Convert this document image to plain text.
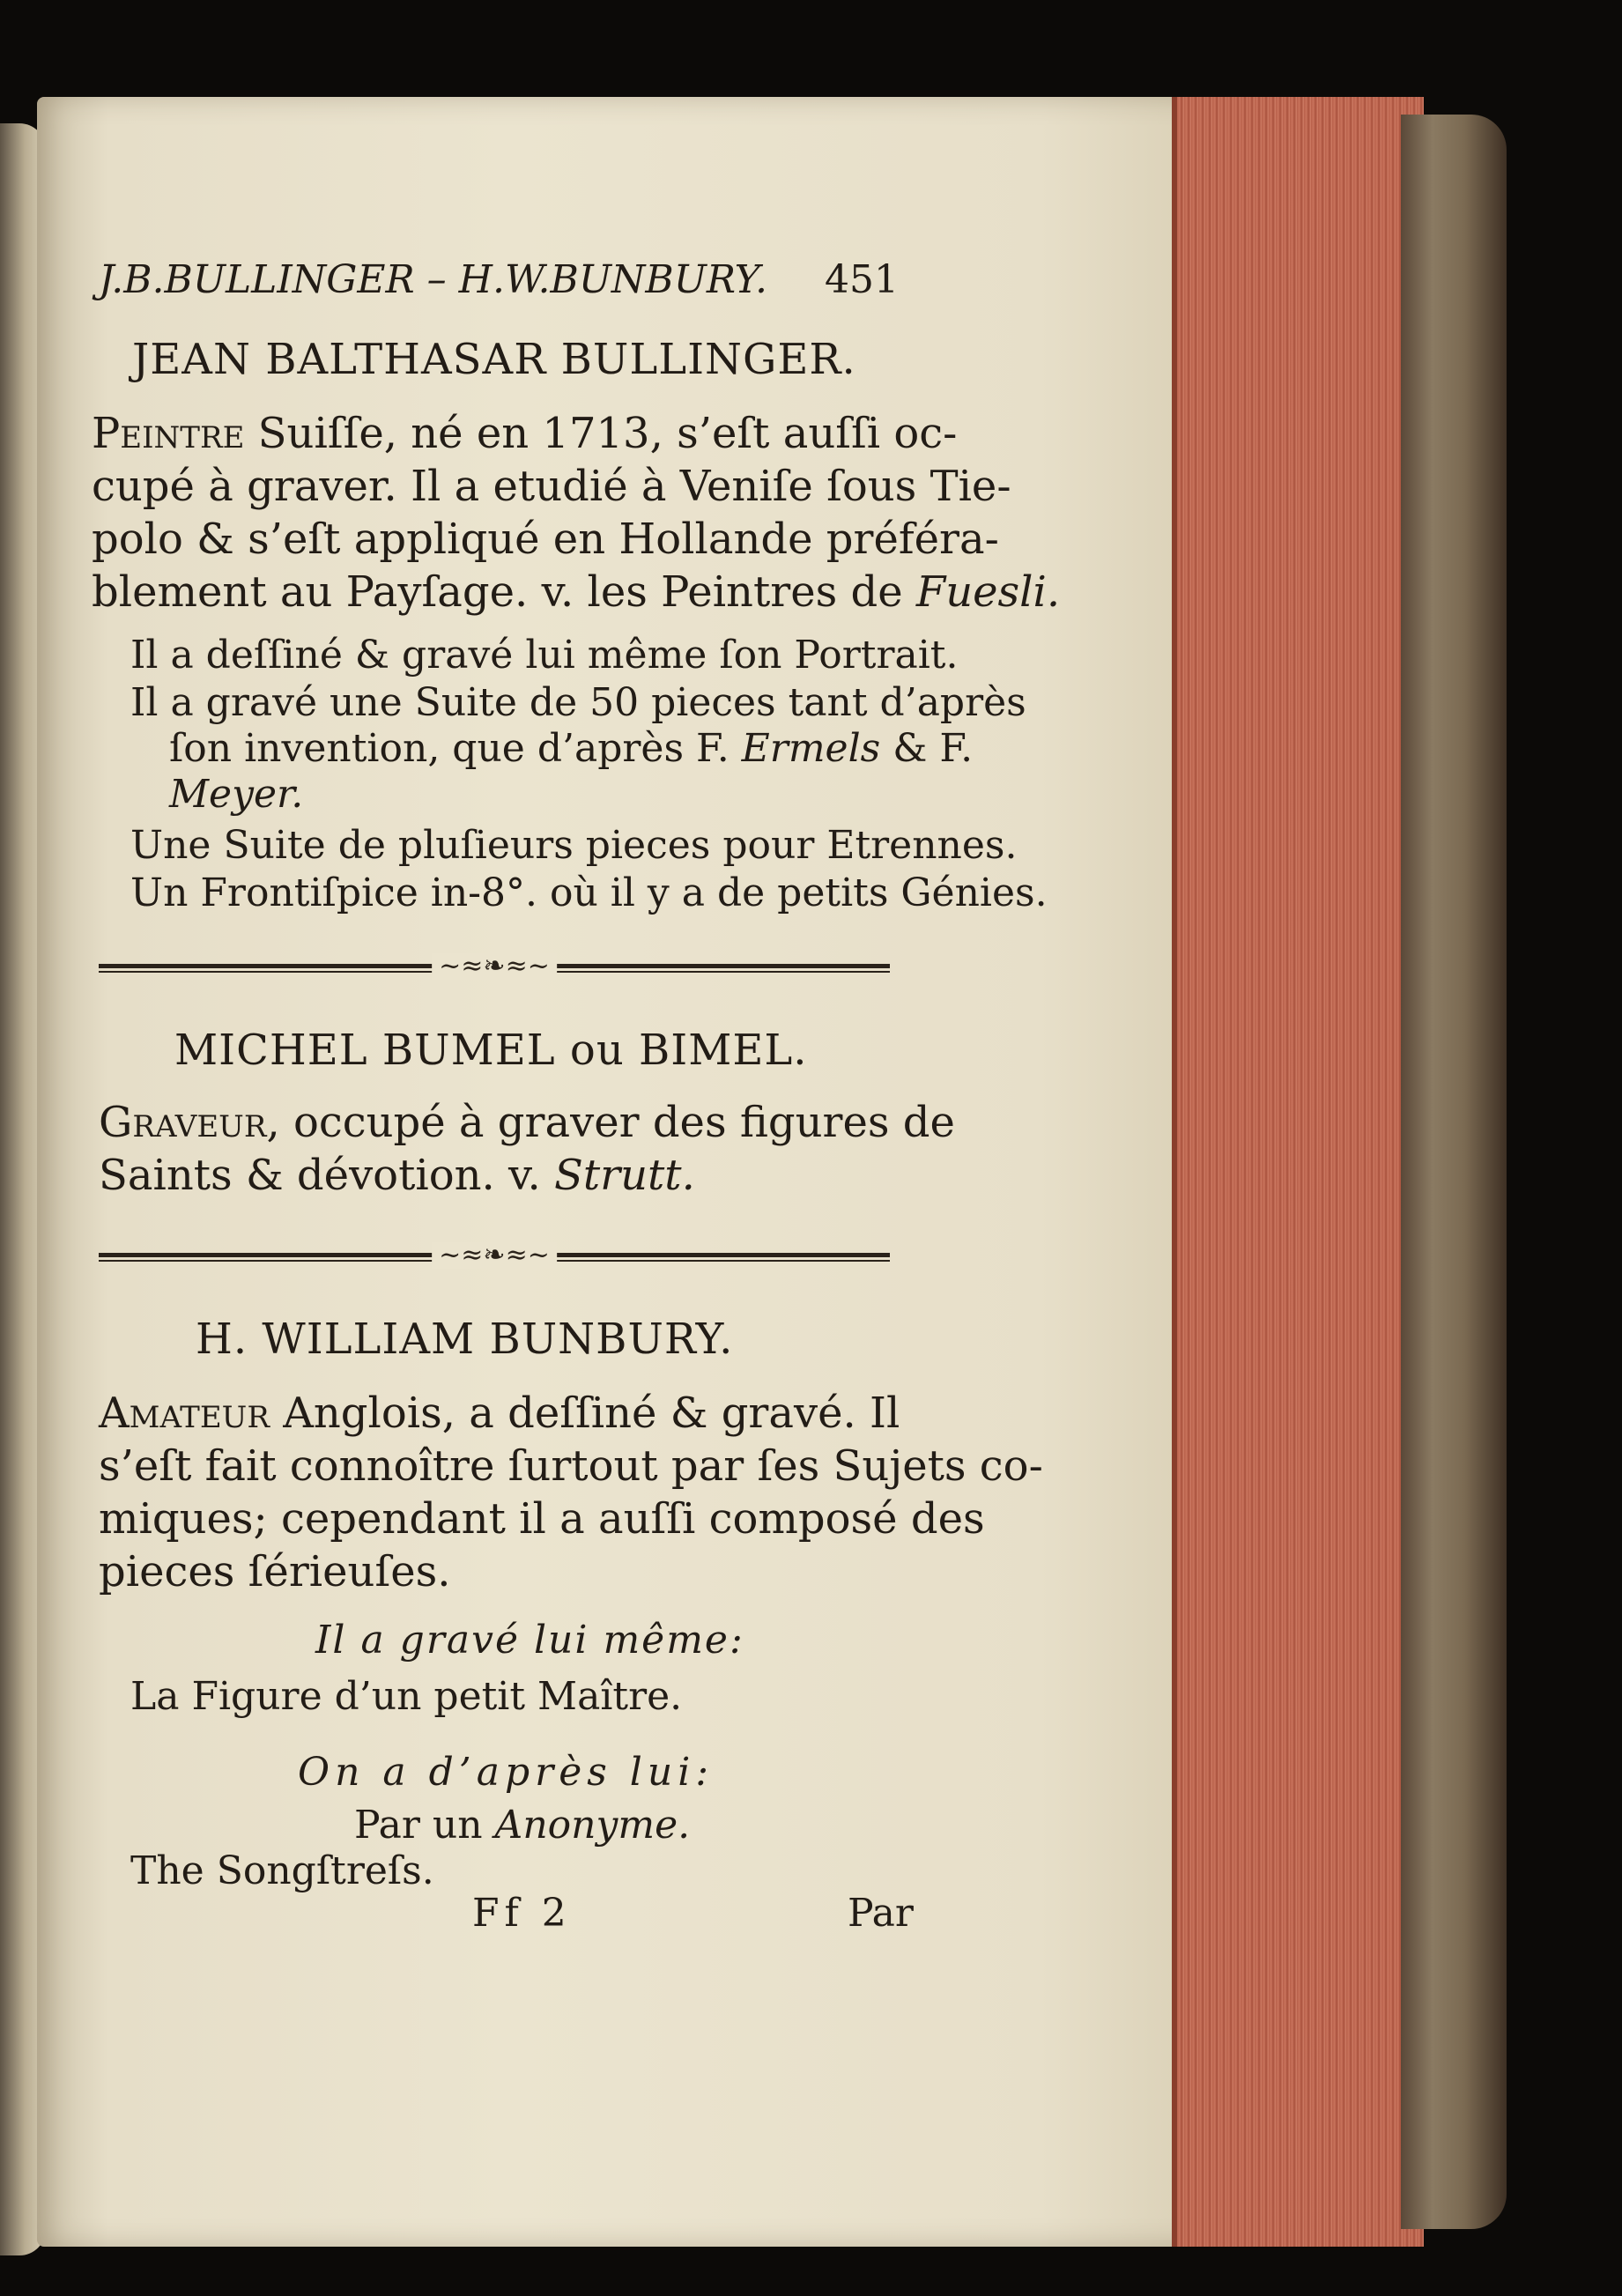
J.B.BULLINGER – H.W.BUNBURY. 451
JEAN BALTHASAR BULLINGER.
Peintre Suiſſe, né en 1713, s’eſt auſſi oc-
cupé à graver. Il a etudié à Veniſe ſous Tie-
polo & s’eſt appliqué en Hollande préféra-
blement au Payſage. v. les Peintres de Fuesli.
Il a deſſiné & gravé lui même ſon Portrait.
Il a gravé une Suite de 50 pieces tant d’après
ſon invention, que d’après F. Ermels & F.
Meyer.
Une Suite de pluſieurs pieces pour Etrennes.
Un Frontiſpice in-8°. où il y a de petits Génies.
~≈❧≈~
MICHEL BUMEL ou BIMEL.
Graveur, occupé à graver des figures de
Saints & dévotion. v. Strutt.
~≈❧≈~
H. WILLIAM BUNBURY.
Amateur Anglois, a deſſiné & gravé. Il
s’eſt fait connoître ſurtout par ſes Sujets co-
miques; cependant il a auſſi composé des
pieces ſérieuſes.
Il a gravé lui même:
La Figure d’un petit Maître.
On a d’après lui:
Par un Anonyme.
The Songſtreſs.
Ff 2	Par
